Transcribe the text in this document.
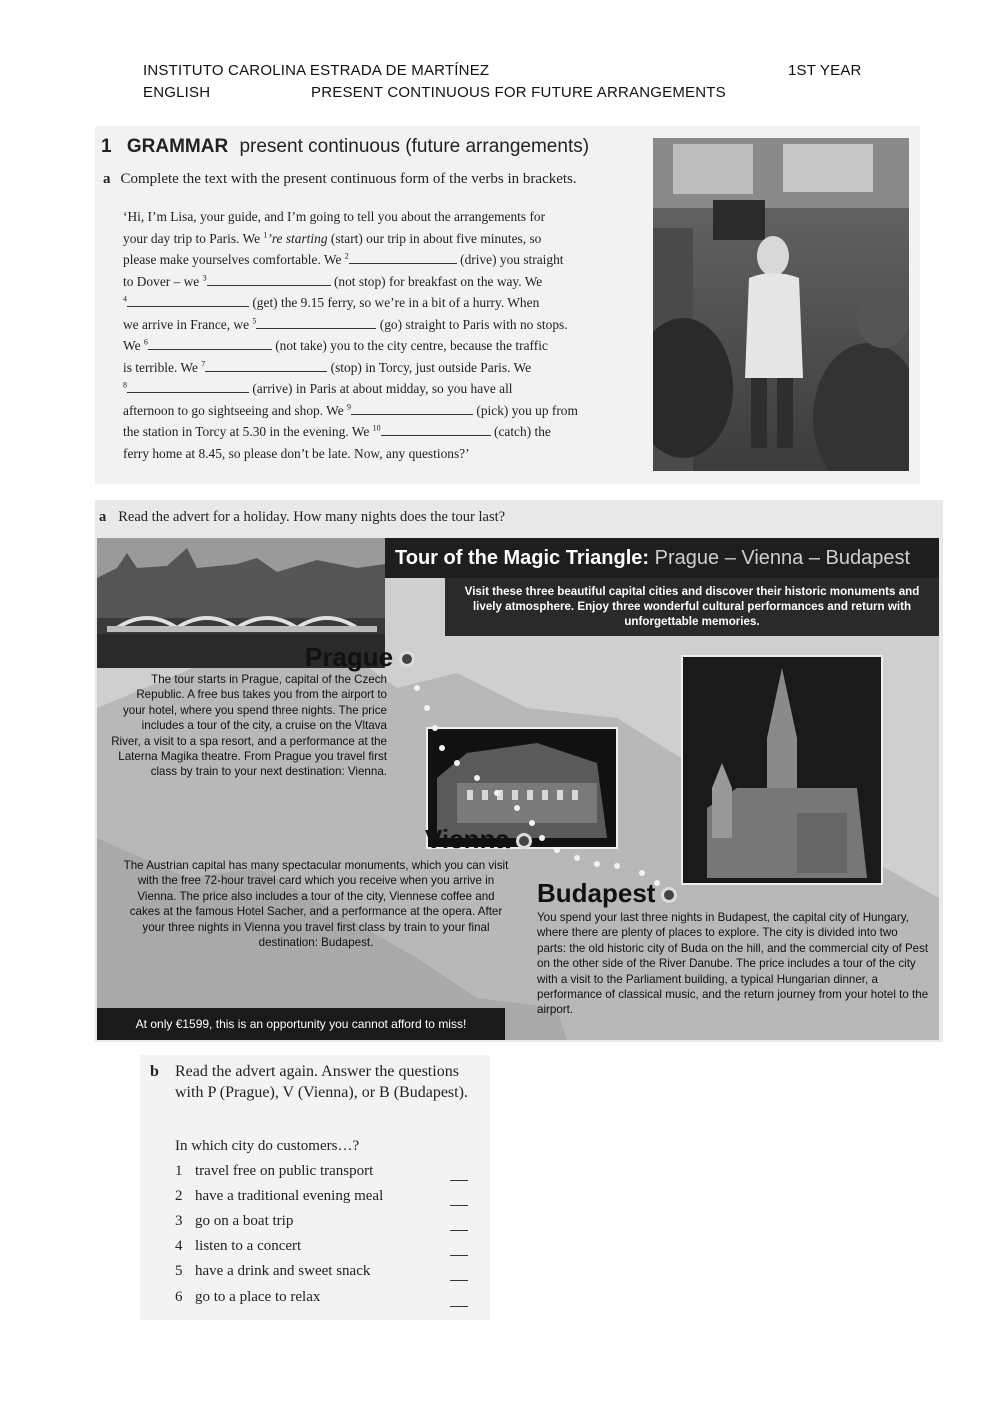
INSTITUTO CAROLINA ESTRADA DE MARTÍNEZ	1ST YEAR
ENGLISH	PRESENT CONTINUOUS FOR FUTURE ARRANGEMENTS
1 GRAMMAR present continuous (future arrangements)
a Complete the text with the present continuous form of the verbs in brackets.
‘Hi, I’m Lisa, your guide, and I’m going to tell you about the arrangements for
your day trip to Paris. We $^1$’re starting (start) our trip in about five minutes, so
please make yourselves comfortable. We $^2$	(drive) you straight
to Dover – we $^3$	(not stop) for breakfast on the way. We
$^4$	(get) the 9.15 ferry, so we’re in a bit of a hurry. When
we arrive in France, we $^5$	(go) straight to Paris with no stops.
We $^6$	(not take) you to the city centre, because the traffic
is terrible. We $^7$	(stop) in Torcy, just outside Paris. We
$^8$	(arrive) in Paris at about midday, so you have all
afternoon to go sightseeing and shop. We $^9$	(pick) you up from
the station in Torcy at 5.30 in the evening. We $^{10}$	(catch) the
ferry home at 8.45, so please don’t be late. Now, any questions?’
a Read the advert for a holiday. How many nights does the tour last?
Tour of the Magic Triangle: Prague – Vienna – Budapest
Visit these three beautiful capital cities and discover their historic monuments and lively atmosphere. Enjoy three wonderful cultural performances and return with unforgettable memories.
Prague
The tour starts in Prague, capital of the Czech Republic. A free bus takes you from the airport to your hotel, where you spend three nights. The price includes a tour of the city, a cruise on the Vltava River, a visit to a spa resort, and a performance at the Laterna Magika theatre. From Prague you travel first class by train to your next destination: Vienna.
Vienna
The Austrian capital has many spectacular monuments, which you can visit with the free 72-hour travel card which you receive when you arrive in Vienna. The price also includes a tour of the city, Viennese coffee and cakes at the famous Hotel Sacher, and a performance at the opera. After your three nights in Vienna you travel first class by train to your final destination: Budapest.
Budapest
You spend your last three nights in Budapest, the capital city of Hungary, where there are plenty of places to explore. The city is divided into two parts: the old historic city of Buda on the hill, and the commercial city of Pest on the other side of the River Danube. The price includes a tour of the city with a visit to the Parliament building, a typical Hungarian dinner, a performance of classical music, and the return journey from your hotel to the airport.
At only €1599, this is an opportunity you cannot afford to miss!
b Read the advert again. Answer the questions with P (Prague), V (Vienna), or B (Budapest).
In which city do customers…?
1 travel free on public transport
2 have a traditional evening meal
3 go on a boat trip
4 listen to a concert
5 have a drink and sweet snack
6 go to a place to relax
